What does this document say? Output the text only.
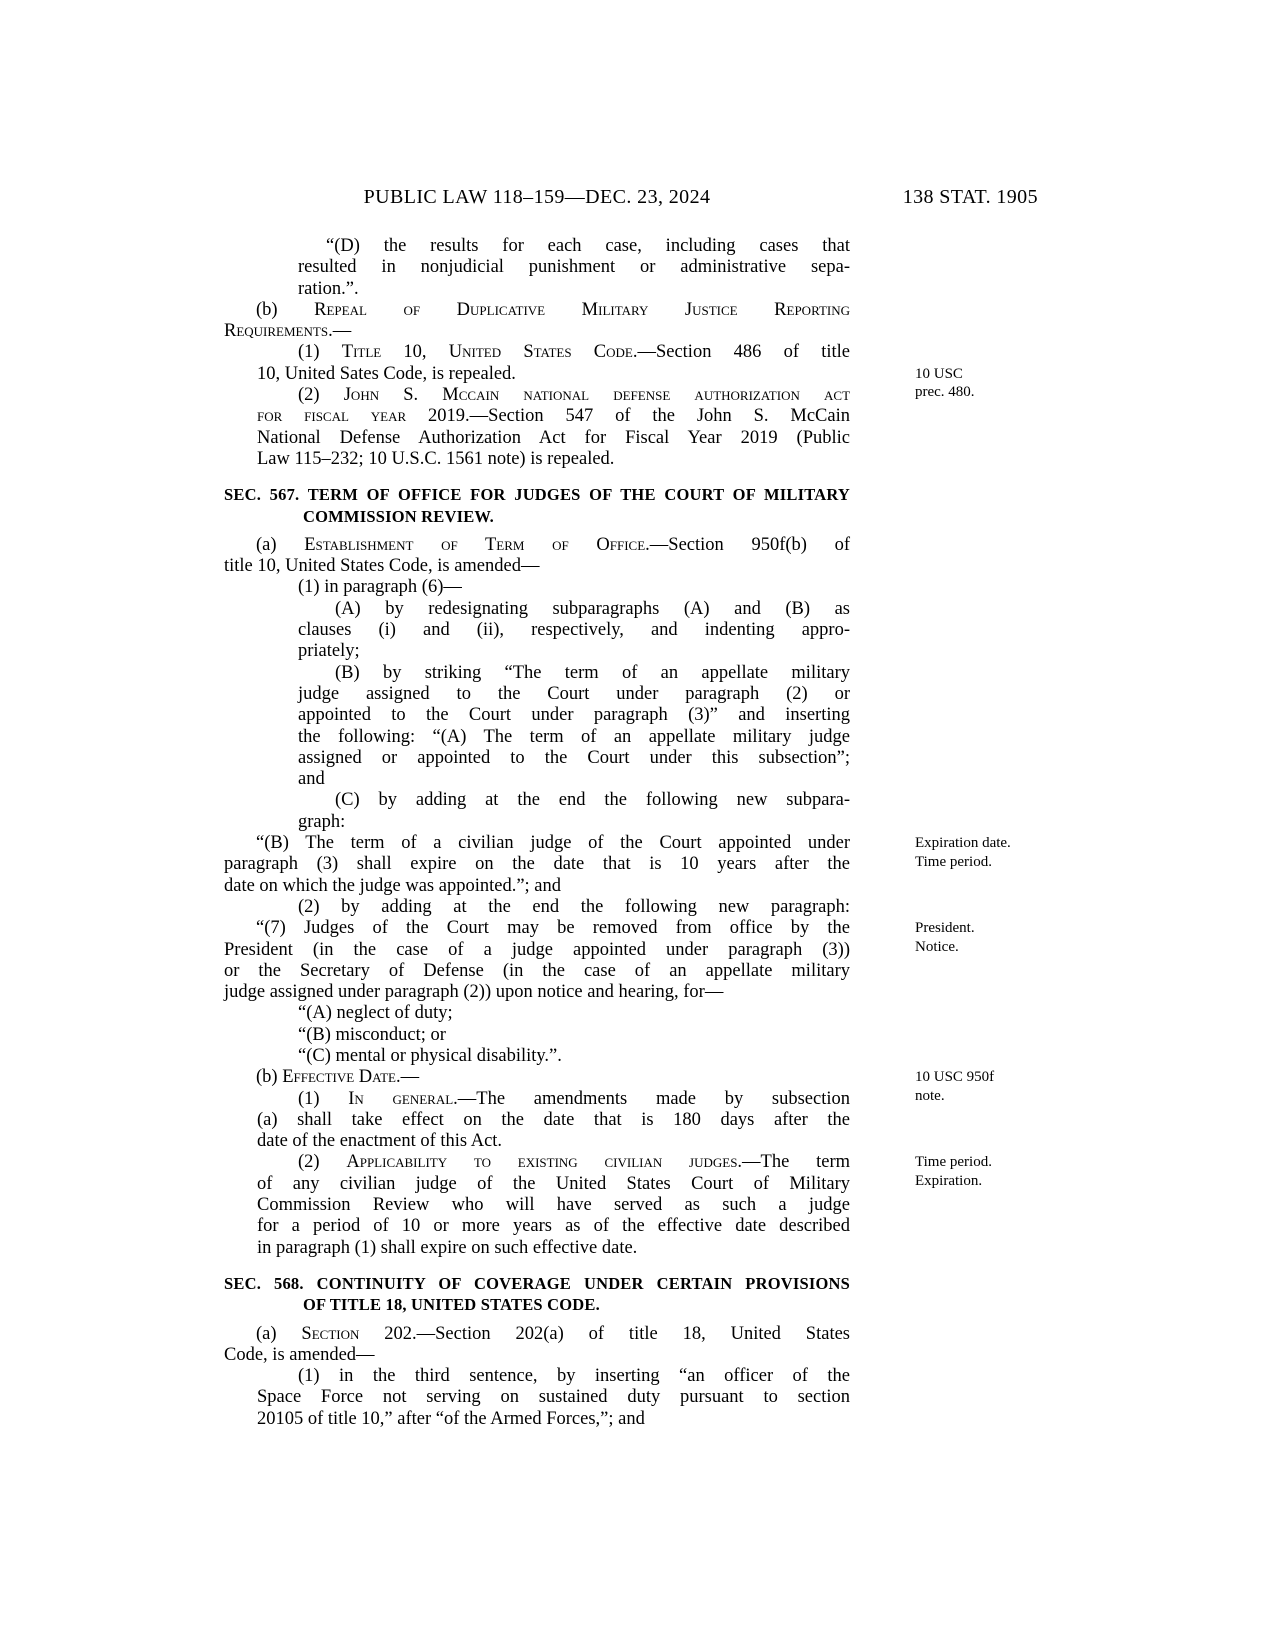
PUBLIC LAW 118–159—DEC. 23, 2024	138 STAT. 1905
“(D) the results for each case, including cases that
resulted in nonjudicial punishment or administrative sepa-
ration.”.
(b) Repeal of Duplicative Military Justice Reporting
Requirements.—
(1) Title 10, United States Code.—Section 486 of title
10, United Sates Code, is repealed.
(2) John S. Mccain national defense authorization act
for fiscal year 2019.—Section 547 of the John S. McCain
National Defense Authorization Act for Fiscal Year 2019 (Public
Law 115–232; 10 U.S.C. 1561 note) is repealed.
SEC. 567. TERM OF OFFICE FOR JUDGES OF THE COURT OF MILITARY
COMMISSION REVIEW.
(a) Establishment of Term of Office.—Section 950f(b) of
title 10, United States Code, is amended—
(1) in paragraph (6)—
(A) by redesignating subparagraphs (A) and (B) as
clauses (i) and (ii), respectively, and indenting appro-
priately;
(B) by striking “The term of an appellate military
judge assigned to the Court under paragraph (2) or
appointed to the Court under paragraph (3)” and inserting
the following: “(A) The term of an appellate military judge
assigned or appointed to the Court under this subsection”;
and
(C) by adding at the end the following new subpara-
graph:
“(B) The term of a civilian judge of the Court appointed under
paragraph (3) shall expire on the date that is 10 years after the
date on which the judge was appointed.”; and
(2) by adding at the end the following new paragraph:
“(7) Judges of the Court may be removed from office by the
President (in the case of a judge appointed under paragraph (3))
or the Secretary of Defense (in the case of an appellate military
judge assigned under paragraph (2)) upon notice and hearing, for—
“(A) neglect of duty;
“(B) misconduct; or
“(C) mental or physical disability.”.
(b) Effective Date.—
(1) In general.—The amendments made by subsection
(a) shall take effect on the date that is 180 days after the
date of the enactment of this Act.
(2) Applicability to existing civilian judges.—The term
of any civilian judge of the United States Court of Military
Commission Review who will have served as such a judge
for a period of 10 or more years as of the effective date described
in paragraph (1) shall expire on such effective date.
SEC. 568. CONTINUITY OF COVERAGE UNDER CERTAIN PROVISIONS
OF TITLE 18, UNITED STATES CODE.
(a) Section 202.—Section 202(a) of title 18, United States
Code, is amended—
(1) in the third sentence, by inserting “an officer of the
Space Force not serving on sustained duty pursuant to section
20105 of title 10,” after “of the Armed Forces,”; and
10 USC
prec. 480.
Expiration date.
Time period.
President.
Notice.
10 USC 950f
note.
Time period.
Expiration.
